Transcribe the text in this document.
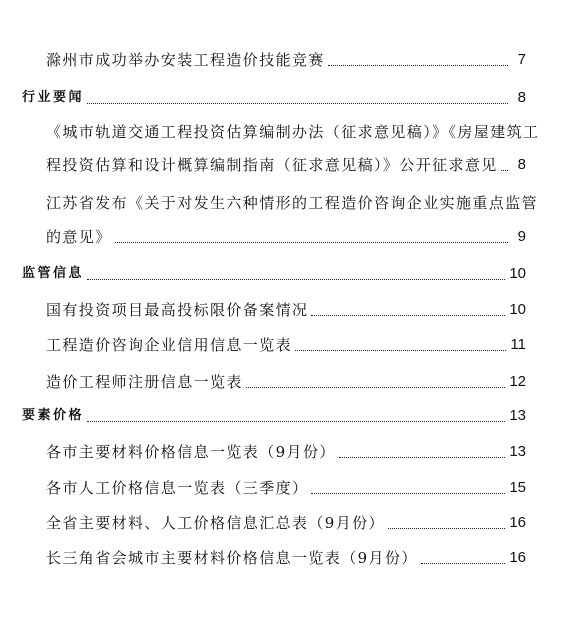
滁州市成功举办安装工程造价技能竞赛	7
行业要闻	8
《城市轨道交通工程投资估算编制办法（征求意见稿）》《房屋建筑工
程投资估算和设计概算编制指南（征求意见稿）》公开征求意见	8
江苏省发布《关于对发生六种情形的工程造价咨询企业实施重点监管
的意见》	9
监管信息	10
国有投资项目最高投标限价备案情况	10
工程造价咨询企业信用信息一览表	11
造价工程师注册信息一览表	12
要素价格	13
各市主要材料价格信息一览表（9月份）	13
各市人工价格信息一览表（三季度）	15
全省主要材料、人工价格信息汇总表（9月份）	16
长三角省会城市主要材料价格信息一览表（9月份）	16
